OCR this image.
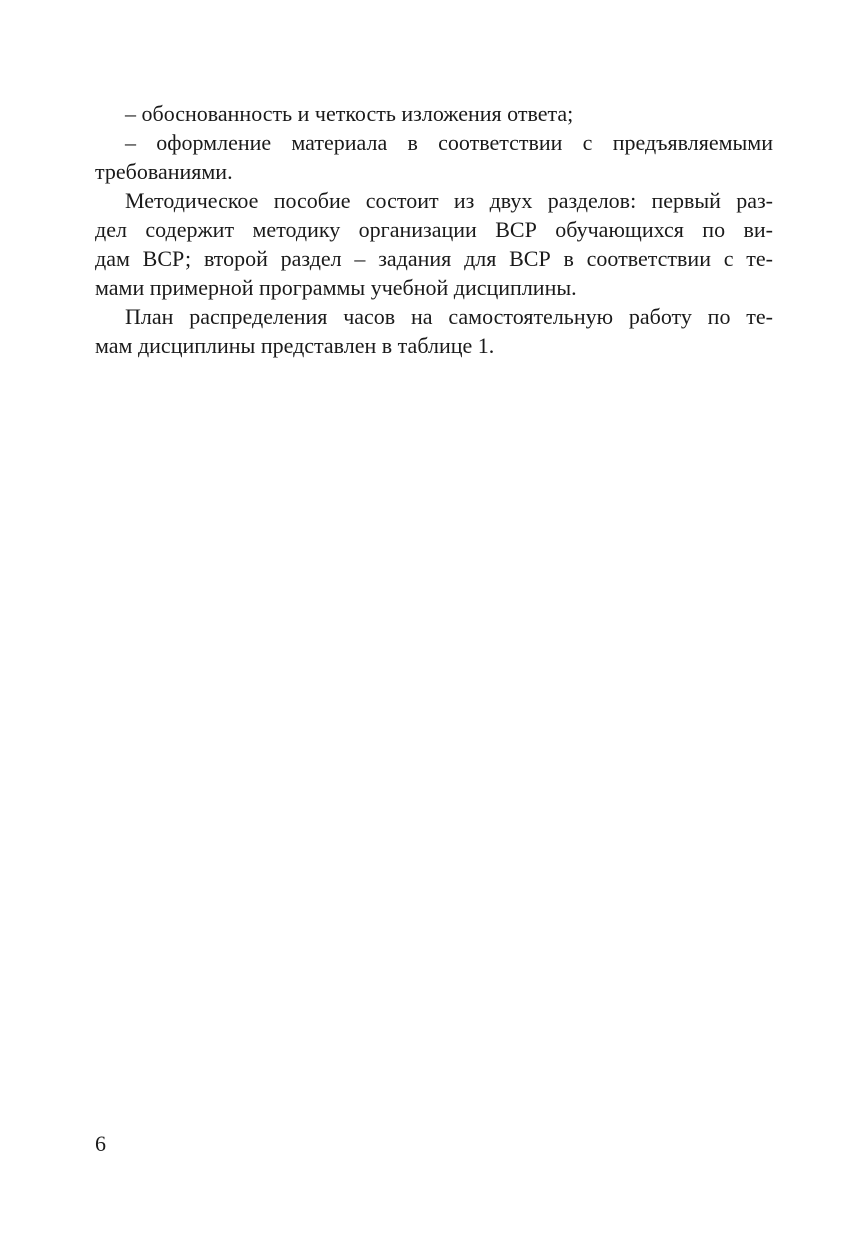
– обоснованность и четкость изложения ответа;
– оформление материала в соответствии с предъявляемыми
требованиями.
Методическое пособие состоит из двух разделов: первый раз-
дел содержит методику организации ВСР обучающихся по ви-
дам ВСР; второй раздел – задания для ВСР в соответствии с те-
мами примерной программы учебной дисциплины.
План распределения часов на самостоятельную работу по те-
мам дисциплины представлен в таблице 1.
6
